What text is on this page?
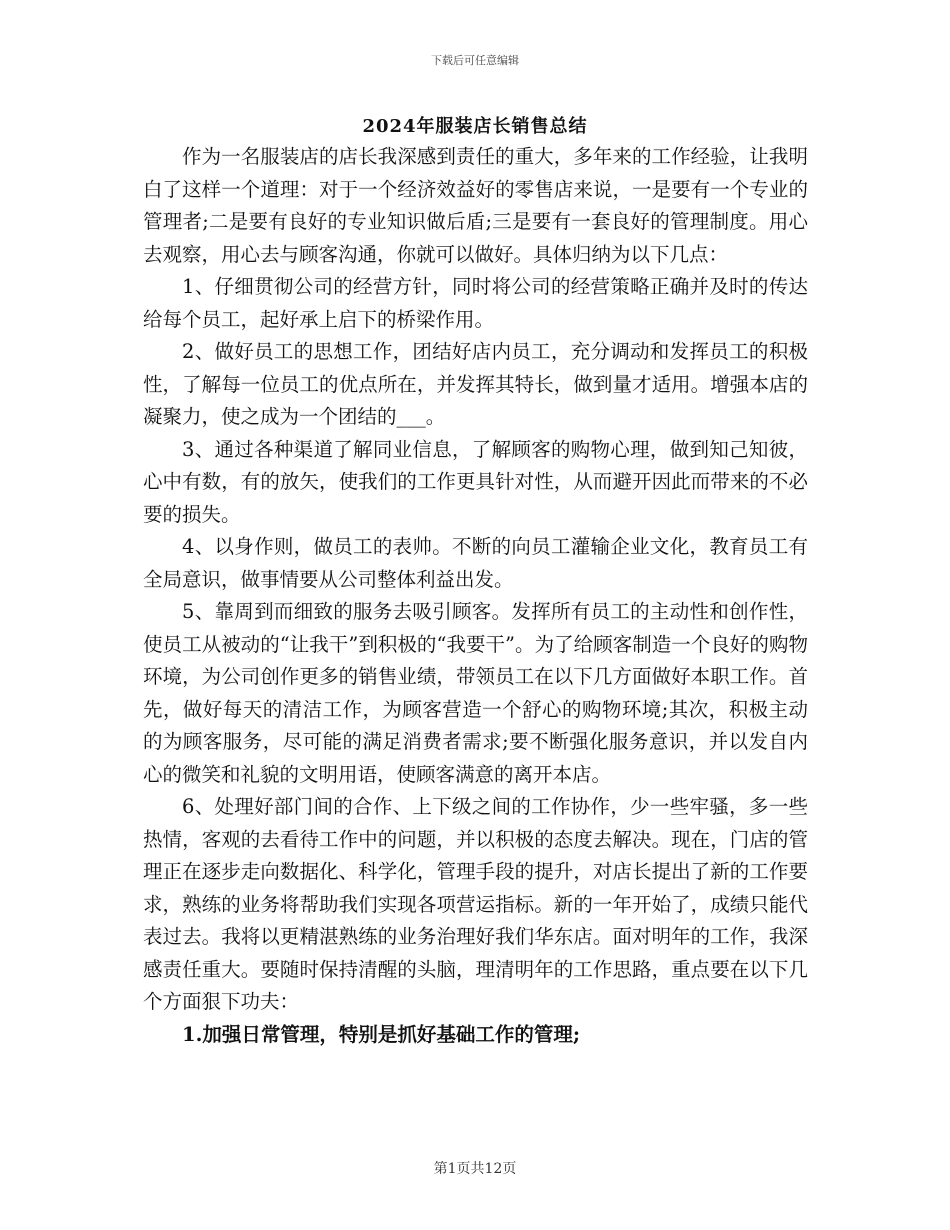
下载后可任意编辑
2024年服装店长销售总结

作为一名服装店的店长我深感到责任的重大，多年来的工作经验，让我明白了这样一个道理：对于一个经济效益好的零售店来说，一是要有一个专业的管理者;二是要有良好的专业知识做后盾;三是要有一套良好的管理制度。用心去观察，用心去与顾客沟通，你就可以做好。具体归纳为以下几点：

1、仔细贯彻公司的经营方针，同时将公司的经营策略正确并及时的传达给每个员工，起好承上启下的桥梁作用。

2、做好员工的思想工作，团结好店内员工，充分调动和发挥员工的积极性，了解每一位员工的优点所在，并发挥其特长，做到量才适用。增强本店的凝聚力，使之成为一个团结的___。

3、通过各种渠道了解同业信息，了解顾客的购物心理，做到知己知彼，心中有数，有的放矢，使我们的工作更具针对性，从而避开因此而带来的不必要的损失。

4、以身作则，做员工的表帅。不断的向员工灌输企业文化，教育员工有全局意识，做事情要从公司整体利益出发。

5、靠周到而细致的服务去吸引顾客。发挥所有员工的主动性和创作性，使员工从被动的“让我干”到积极的“我要干”。为了给顾客制造一个良好的购物环境，为公司创作更多的销售业绩，带领员工在以下几方面做好本职工作。首先，做好每天的清洁工作，为顾客营造一个舒心的购物环境;其次，积极主动的为顾客服务，尽可能的满足消费者需求;要不断强化服务意识，并以发自内心的微笑和礼貌的文明用语，使顾客满意的离开本店。

6、处理好部门间的合作、上下级之间的工作协作，少一些牢骚，多一些热情，客观的去看待工作中的问题，并以积极的态度去解决。现在，门店的管理正在逐步走向数据化、科学化，管理手段的提升，对店长提出了新的工作要求，熟练的业务将帮助我们实现各项营运指标。新的一年开始了，成绩只能代表过去。我将以更精湛熟练的业务治理好我们华东店。面对明年的工作，我深感责任重大。要随时保持清醒的头脑，理清明年的工作思路，重点要在以下几个方面狠下功夫：

1.加强日常管理，特别是抓好基础工作的管理;

第1页共12页
